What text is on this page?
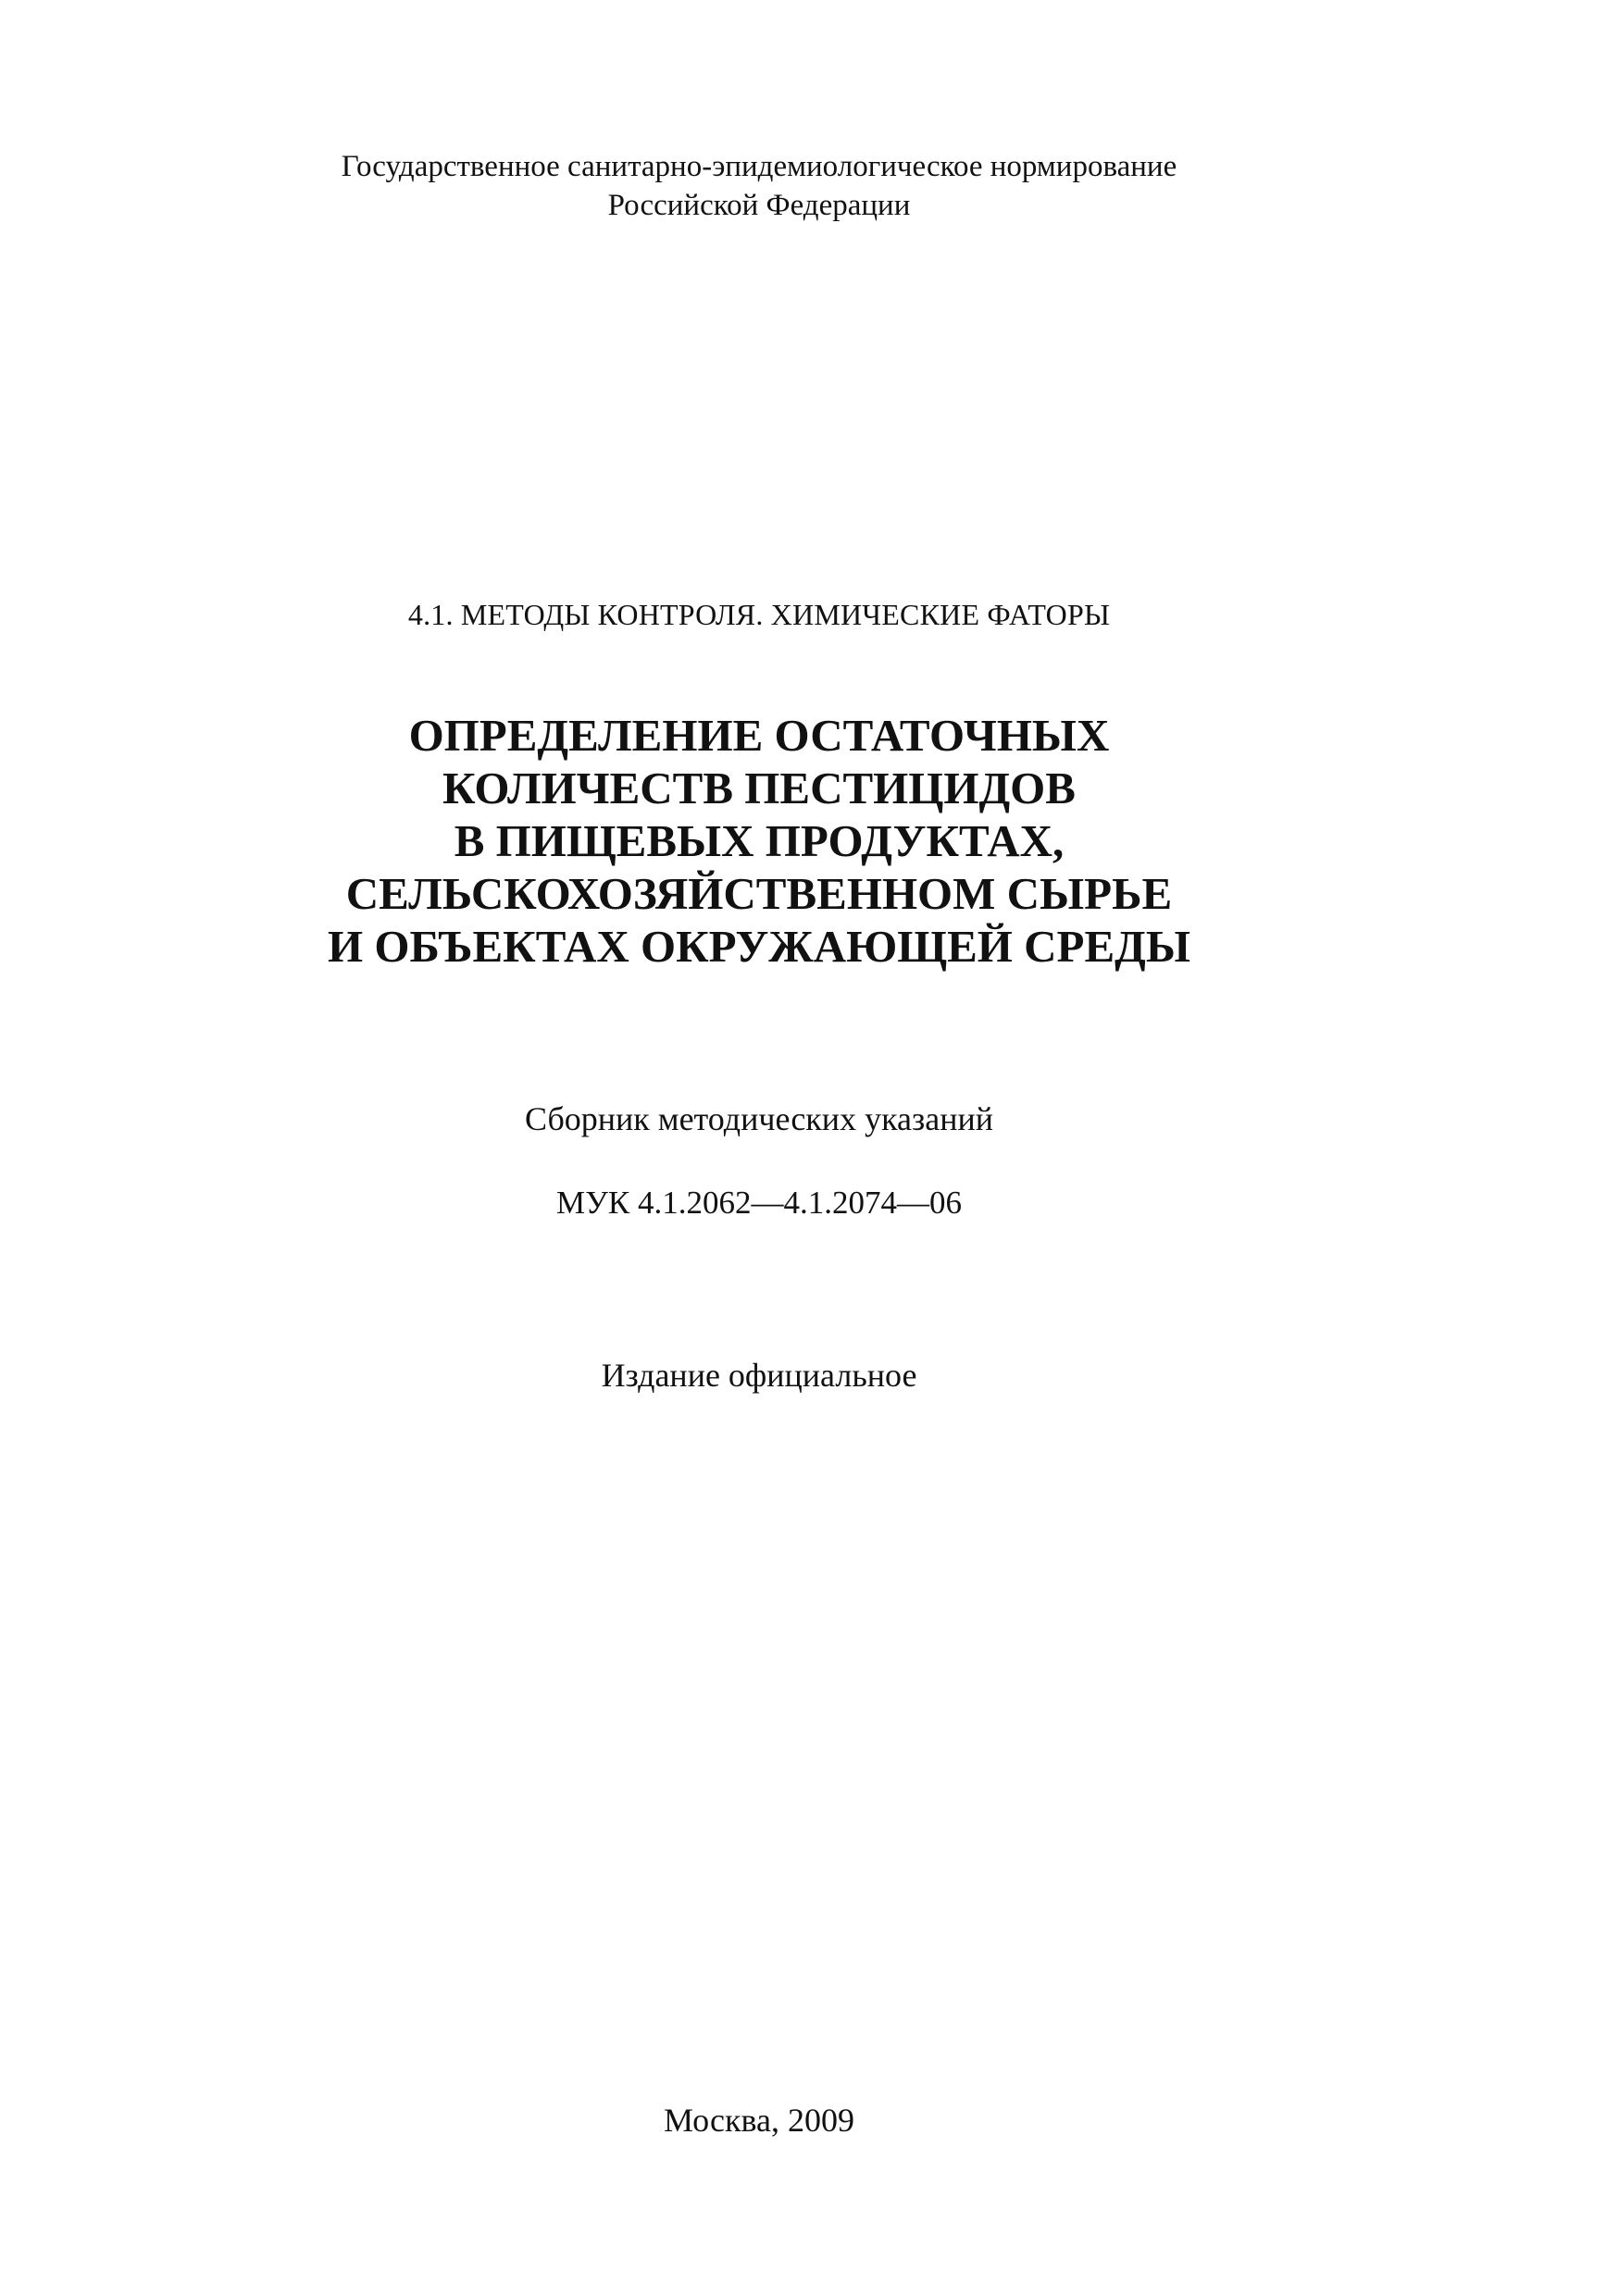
Государственное санитарно-эпидемиологическое нормирование
Российской Федерации
4.1. МЕТОДЫ КОНТРОЛЯ. ХИМИЧЕСКИЕ ФАТОРЫ
ОПРЕДЕЛЕНИЕ ОСТАТОЧНЫХ
КОЛИЧЕСТВ ПЕСТИЦИДОВ
В ПИЩЕВЫХ ПРОДУКТАХ,
СЕЛЬСКОХОЗЯЙСТВЕННОМ СЫРЬЕ
И ОБЪЕКТАХ ОКРУЖАЮЩЕЙ СРЕДЫ
Сборник методических указаний
МУК 4.1.2062—4.1.2074—06
Издание официальное
Москва, 2009
